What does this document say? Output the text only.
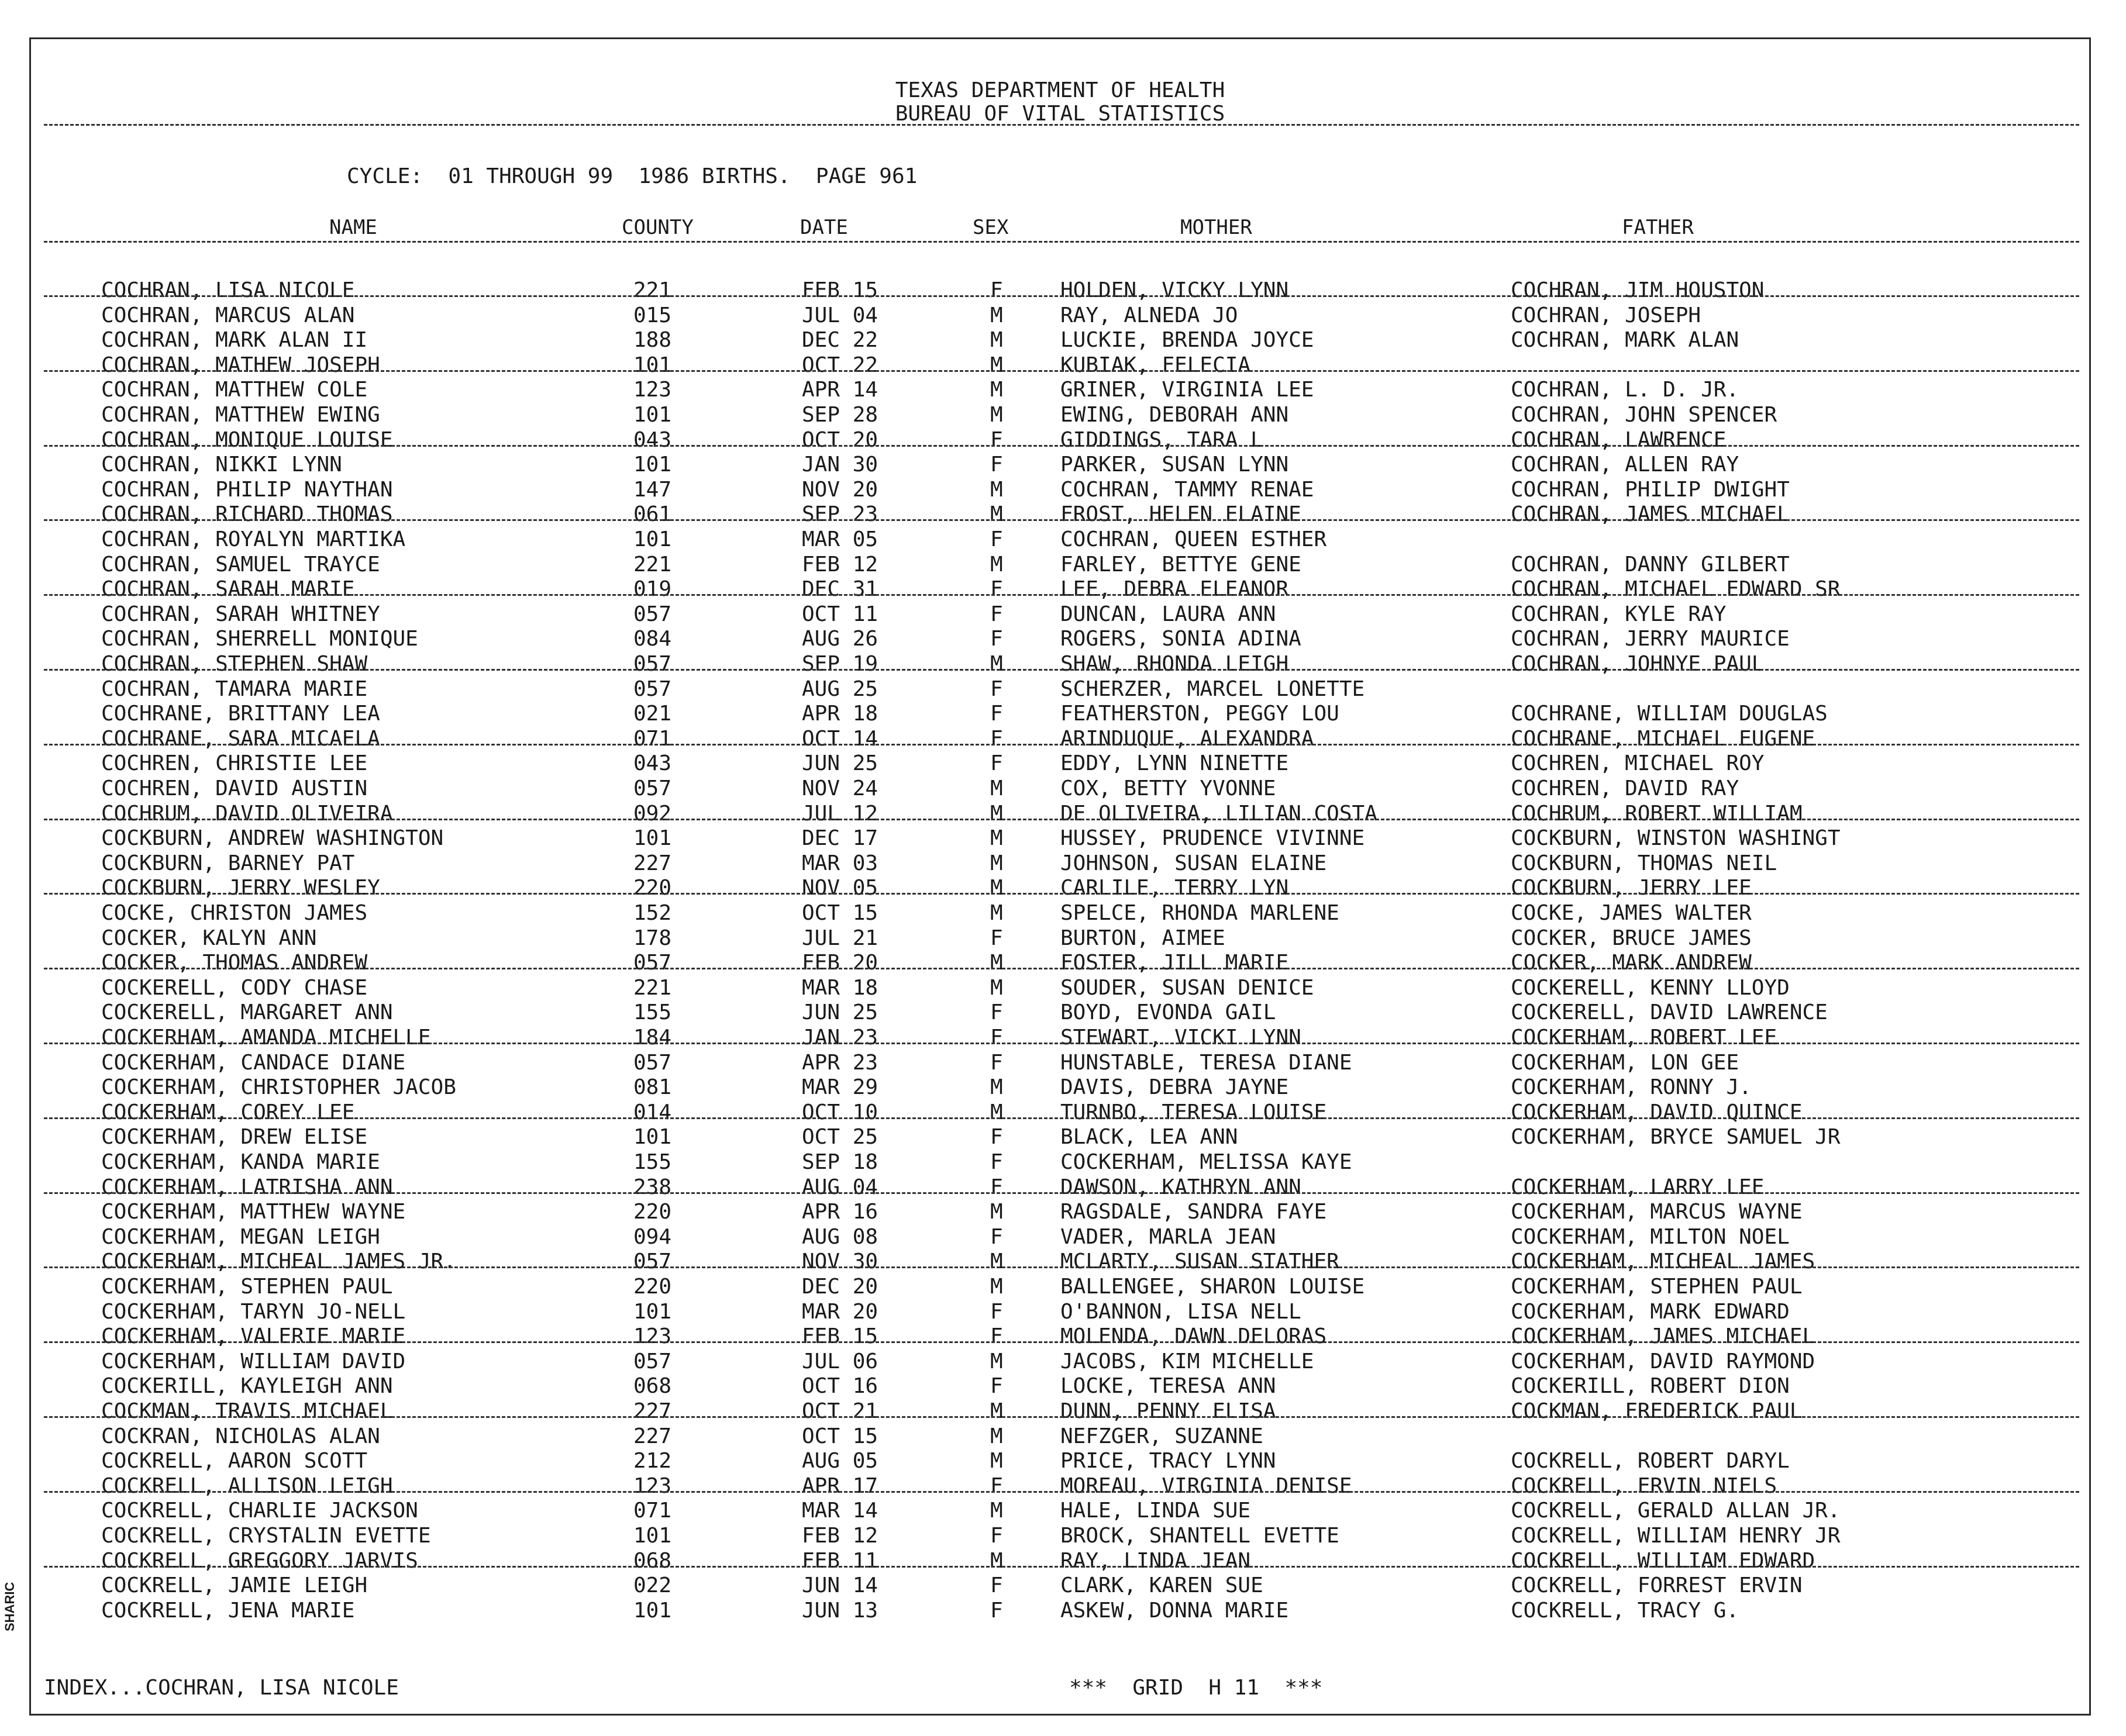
SHARIC
TEXAS DEPARTMENT OF HEALTH
BUREAU OF VITAL STATISTICS
CYCLE:  01 THROUGH 99  1986 BIRTHS.  PAGE 961
NAME	COUNTY	DATE	SEX	MOTHER	FATHER
COCHRAN, LISA NICOLE	221	FEB 15	F	HOLDEN, VICKY LYNN	COCHRAN, JIM HOUSTON
COCHRAN, MARCUS ALAN	015	JUL 04	M	RAY, ALNEDA JO	COCHRAN, JOSEPH
COCHRAN, MARK ALAN II	188	DEC 22	M	LUCKIE, BRENDA JOYCE	COCHRAN, MARK ALAN
COCHRAN, MATHEW JOSEPH	101	OCT 22	M	KUBIAK, FELECIA
COCHRAN, MATTHEW COLE	123	APR 14	M	GRINER, VIRGINIA LEE	COCHRAN, L. D. JR.
COCHRAN, MATTHEW EWING	101	SEP 28	M	EWING, DEBORAH ANN	COCHRAN, JOHN SPENCER
COCHRAN, MONIQUE LOUISE	043	OCT 20	F	GIDDINGS, TARA L	COCHRAN, LAWRENCE
COCHRAN, NIKKI LYNN	101	JAN 30	F	PARKER, SUSAN LYNN	COCHRAN, ALLEN RAY
COCHRAN, PHILIP NAYTHAN	147	NOV 20	M	COCHRAN, TAMMY RENAE	COCHRAN, PHILIP DWIGHT
COCHRAN, RICHARD THOMAS	061	SEP 23	M	FROST, HELEN ELAINE	COCHRAN, JAMES MICHAEL
COCHRAN, ROYALYN MARTIKA	101	MAR 05	F	COCHRAN, QUEEN ESTHER
COCHRAN, SAMUEL TRAYCE	221	FEB 12	M	FARLEY, BETTYE GENE	COCHRAN, DANNY GILBERT
COCHRAN, SARAH MARIE	019	DEC 31	F	LEE, DEBRA ELEANOR	COCHRAN, MICHAEL EDWARD SR
COCHRAN, SARAH WHITNEY	057	OCT 11	F	DUNCAN, LAURA ANN	COCHRAN, KYLE RAY
COCHRAN, SHERRELL MONIQUE	084	AUG 26	F	ROGERS, SONIA ADINA	COCHRAN, JERRY MAURICE
COCHRAN, STEPHEN SHAW	057	SEP 19	M	SHAW, RHONDA LEIGH	COCHRAN, JOHNYE PAUL
COCHRAN, TAMARA MARIE	057	AUG 25	F	SCHERZER, MARCEL LONETTE
COCHRANE, BRITTANY LEA	021	APR 18	F	FEATHERSTON, PEGGY LOU	COCHRANE, WILLIAM DOUGLAS
COCHRANE, SARA MICAELA	071	OCT 14	F	ARINDUQUE, ALEXANDRA	COCHRANE, MICHAEL EUGENE
COCHREN, CHRISTIE LEE	043	JUN 25	F	EDDY, LYNN NINETTE	COCHREN, MICHAEL ROY
COCHREN, DAVID AUSTIN	057	NOV 24	M	COX, BETTY YVONNE	COCHREN, DAVID RAY
COCHRUM, DAVID OLIVEIRA	092	JUL 12	M	DE OLIVEIRA, LILIAN COSTA	COCHRUM, ROBERT WILLIAM
COCKBURN, ANDREW WASHINGTON	101	DEC 17	M	HUSSEY, PRUDENCE VIVINNE	COCKBURN, WINSTON WASHINGT
COCKBURN, BARNEY PAT	227	MAR 03	M	JOHNSON, SUSAN ELAINE	COCKBURN, THOMAS NEIL
COCKBURN, JERRY WESLEY	220	NOV 05	M	CARLILE, TERRY LYN	COCKBURN, JERRY LEE
COCKE, CHRISTON JAMES	152	OCT 15	M	SPELCE, RHONDA MARLENE	COCKE, JAMES WALTER
COCKER, KALYN ANN	178	JUL 21	F	BURTON, AIMEE	COCKER, BRUCE JAMES
COCKER, THOMAS ANDREW	057	FEB 20	M	FOSTER, JILL MARIE	COCKER, MARK ANDREW
COCKERELL, CODY CHASE	221	MAR 18	M	SOUDER, SUSAN DENICE	COCKERELL, KENNY LLOYD
COCKERELL, MARGARET ANN	155	JUN 25	F	BOYD, EVONDA GAIL	COCKERELL, DAVID LAWRENCE
COCKERHAM, AMANDA MICHELLE	184	JAN 23	F	STEWART, VICKI LYNN	COCKERHAM, ROBERT LEE
COCKERHAM, CANDACE DIANE	057	APR 23	F	HUNSTABLE, TERESA DIANE	COCKERHAM, LON GEE
COCKERHAM, CHRISTOPHER JACOB	081	MAR 29	M	DAVIS, DEBRA JAYNE	COCKERHAM, RONNY J.
COCKERHAM, COREY LEE	014	OCT 10	M	TURNBO, TERESA LOUISE	COCKERHAM, DAVID QUINCE
COCKERHAM, DREW ELISE	101	OCT 25	F	BLACK, LEA ANN	COCKERHAM, BRYCE SAMUEL JR
COCKERHAM, KANDA MARIE	155	SEP 18	F	COCKERHAM, MELISSA KAYE
COCKERHAM, LATRISHA ANN	238	AUG 04	F	DAWSON, KATHRYN ANN	COCKERHAM, LARRY LEE
COCKERHAM, MATTHEW WAYNE	220	APR 16	M	RAGSDALE, SANDRA FAYE	COCKERHAM, MARCUS WAYNE
COCKERHAM, MEGAN LEIGH	094	AUG 08	F	VADER, MARLA JEAN	COCKERHAM, MILTON NOEL
COCKERHAM, MICHEAL JAMES JR.	057	NOV 30	M	MCLARTY, SUSAN STATHER	COCKERHAM, MICHEAL JAMES
COCKERHAM, STEPHEN PAUL	220	DEC 20	M	BALLENGEE, SHARON LOUISE	COCKERHAM, STEPHEN PAUL
COCKERHAM, TARYN JO-NELL	101	MAR 20	F	O'BANNON, LISA NELL	COCKERHAM, MARK EDWARD
COCKERHAM, VALERIE MARIE	123	FEB 15	F	MOLENDA, DAWN DELORAS	COCKERHAM, JAMES MICHAEL
COCKERHAM, WILLIAM DAVID	057	JUL 06	M	JACOBS, KIM MICHELLE	COCKERHAM, DAVID RAYMOND
COCKERILL, KAYLEIGH ANN	068	OCT 16	F	LOCKE, TERESA ANN	COCKERILL, ROBERT DION
COCKMAN, TRAVIS MICHAEL	227	OCT 21	M	DUNN, PENNY ELISA	COCKMAN, FREDERICK PAUL
COCKRAN, NICHOLAS ALAN	227	OCT 15	M	NEFZGER, SUZANNE
COCKRELL, AARON SCOTT	212	AUG 05	M	PRICE, TRACY LYNN	COCKRELL, ROBERT DARYL
COCKRELL, ALLISON LEIGH	123	APR 17	F	MOREAU, VIRGINIA DENISE	COCKRELL, ERVIN NIELS
COCKRELL, CHARLIE JACKSON	071	MAR 14	M	HALE, LINDA SUE	COCKRELL, GERALD ALLAN JR.
COCKRELL, CRYSTALIN EVETTE	101	FEB 12	F	BROCK, SHANTELL EVETTE	COCKRELL, WILLIAM HENRY JR
COCKRELL, GREGGORY JARVIS	068	FEB 11	M	RAY, LINDA JEAN	COCKRELL, WILLIAM EDWARD
COCKRELL, JAMIE LEIGH	022	JUN 14	F	CLARK, KAREN SUE	COCKRELL, FORREST ERVIN
COCKRELL, JENA MARIE	101	JUN 13	F	ASKEW, DONNA MARIE	COCKRELL, TRACY G.
INDEX...COCHRAN, LISA NICOLE	***  GRID  H 11  ***
